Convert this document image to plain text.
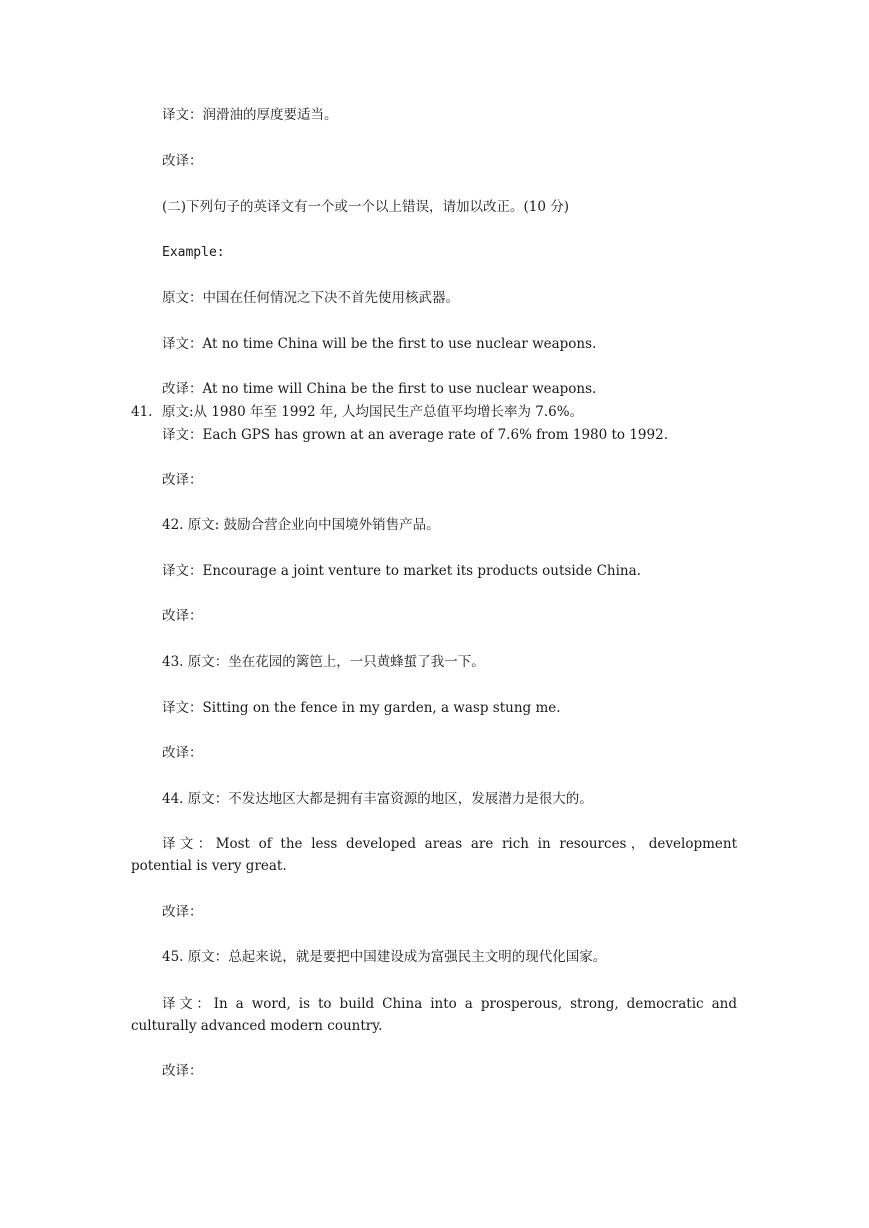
译文：润滑油的厚度要适当。
改译：
(二)下列句子的英译文有一个或一个以上错误，请加以改正。(10 分)
Example:
原文：中国在任何情况之下决不首先使用核武器。
译文：At no time China will be the first to use nuclear weapons.
改译：At no time will China be the first to use nuclear weapons.
41. 原文:从 1980 年至 1992 年, 人均国民生产总值平均增长率为 7.6%。
译文：Each GPS has grown at an average rate of 7.6% from 1980 to 1992.
改译：
42. 原文: 鼓励合营企业向中国境外销售产品。
译文：Encourage a joint venture to market its products outside China.
改译：
43. 原文：坐在花园的篱笆上，一只黄蜂蜇了我一下。
译文：Sitting on the fence in my garden, a wasp stung me.
改译：
44. 原文：不发达地区大都是拥有丰富资源的地区，发展潜力是很大的。
译文：Most of the less developed areas are rich in resources，development potential is very great.
改译：
45. 原文：总起来说，就是要把中国建设成为富强民主文明的现代化国家。
译文：In a word, is to build China into a prosperous, strong, democratic and culturally advanced modern country.
改译：
